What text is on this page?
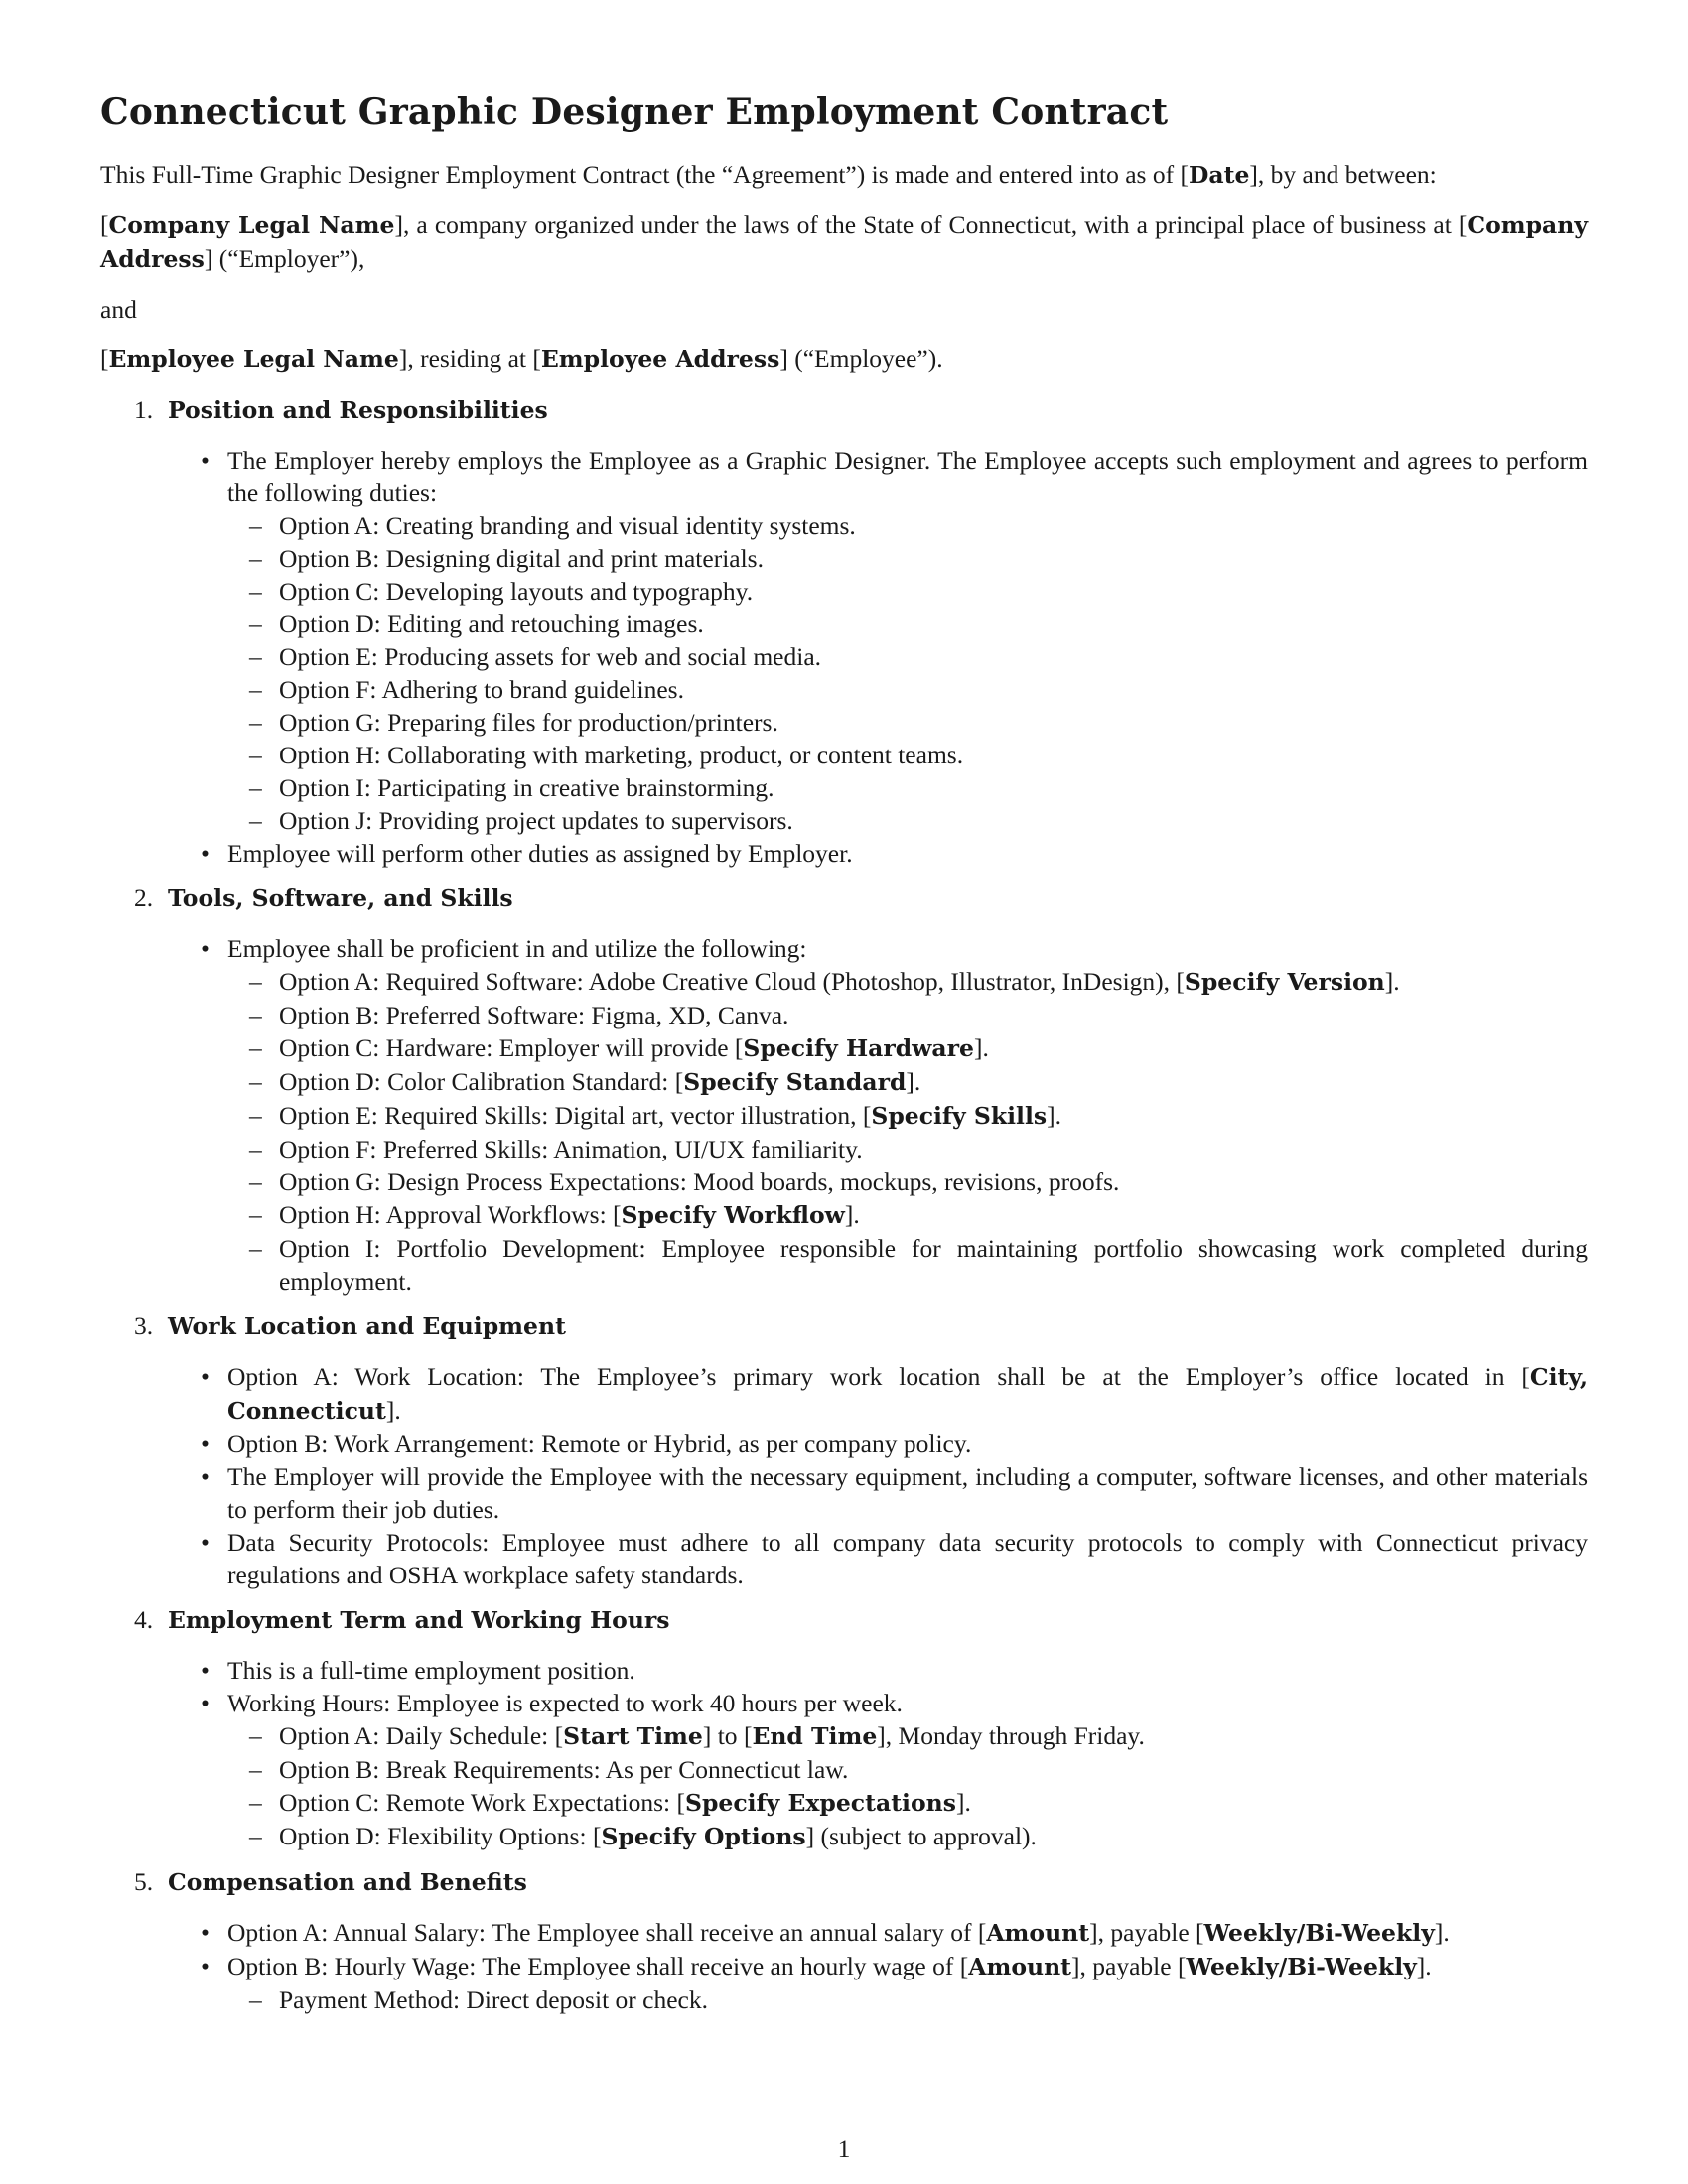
Connecticut Graphic Designer Employment Contract

This Full-Time Graphic Designer Employment Contract (the “Agreement”) is made and entered into as of [Date], by and between:

[Company Legal Name], a company organized under the laws of the State of Connecticut, with a principal place of business at [Company Address] (“Employer”),

and

[Employee Legal Name], residing at [Employee Address] (“Employee”).

1. Position and Responsibilities
• The Employer hereby employs the Employee as a Graphic Designer. The Employee accepts such employment and agrees to perform the following duties:
– Option A: Creating branding and visual identity systems.
– Option B: Designing digital and print materials.
– Option C: Developing layouts and typography.
– Option D: Editing and retouching images.
– Option E: Producing assets for web and social media.
– Option F: Adhering to brand guidelines.
– Option G: Preparing files for production/printers.
– Option H: Collaborating with marketing, product, or content teams.
– Option I: Participating in creative brainstorming.
– Option J: Providing project updates to supervisors.
• Employee will perform other duties as assigned by Employer.
2. Tools, Software, and Skills
• Employee shall be proficient in and utilize the following:
– Option A: Required Software: Adobe Creative Cloud (Photoshop, Illustrator, InDesign), [Specify Version].
– Option B: Preferred Software: Figma, XD, Canva.
– Option C: Hardware: Employer will provide [Specify Hardware].
– Option D: Color Calibration Standard: [Specify Standard].
– Option E: Required Skills: Digital art, vector illustration, [Specify Skills].
– Option F: Preferred Skills: Animation, UI/UX familiarity.
– Option G: Design Process Expectations: Mood boards, mockups, revisions, proofs.
– Option H: Approval Workflows: [Specify Workflow].
– Option I: Portfolio Development: Employee responsible for maintaining portfolio showcasing work completed during employment.
3. Work Location and Equipment
• Option A: Work Location: The Employee’s primary work location shall be at the Employer’s office located in [City, Connecticut].
• Option B: Work Arrangement: Remote or Hybrid, as per company policy.
• The Employer will provide the Employee with the necessary equipment, including a computer, software licenses, and other materials to perform their job duties.
• Data Security Protocols: Employee must adhere to all company data security protocols to comply with Connecticut privacy regulations and OSHA workplace safety standards.
4. Employment Term and Working Hours
• This is a full-time employment position.
• Working Hours: Employee is expected to work 40 hours per week.
– Option A: Daily Schedule: [Start Time] to [End Time], Monday through Friday.
– Option B: Break Requirements: As per Connecticut law.
– Option C: Remote Work Expectations: [Specify Expectations].
– Option D: Flexibility Options: [Specify Options] (subject to approval).
5. Compensation and Benefits
• Option A: Annual Salary: The Employee shall receive an annual salary of [Amount], payable [Weekly/Bi-Weekly].
• Option B: Hourly Wage: The Employee shall receive an hourly wage of [Amount], payable [Weekly/Bi-Weekly].
– Payment Method: Direct deposit or check.
1
